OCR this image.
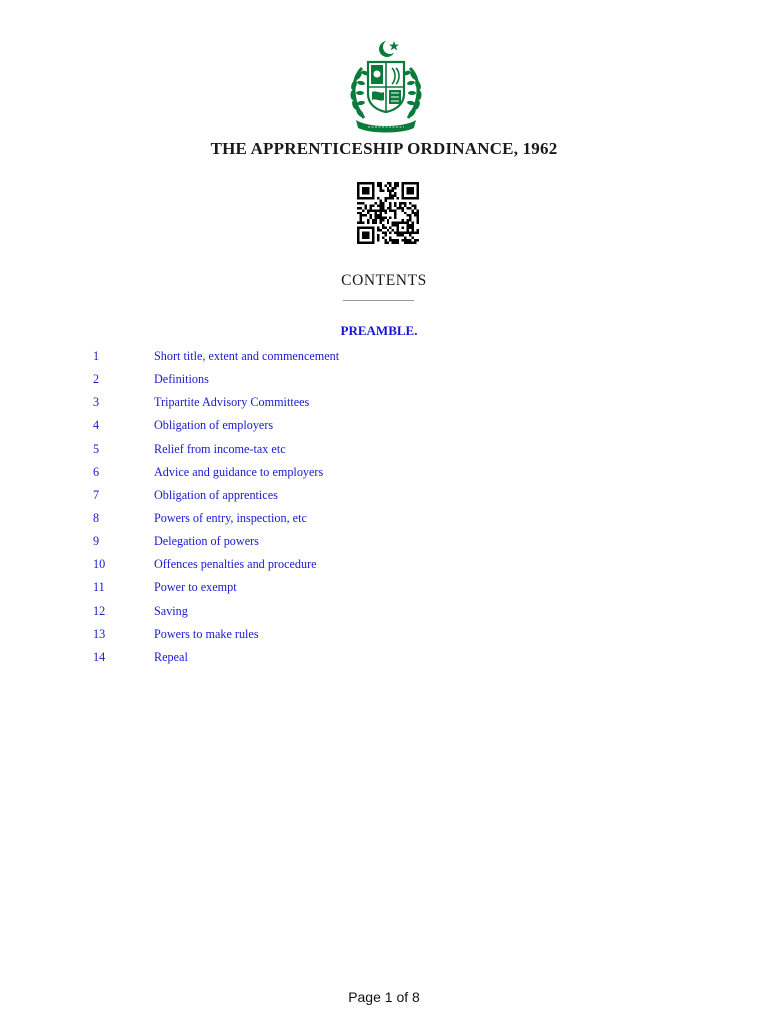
THE APPRENTICESHIP ORDINANCE, 1962
CONTENTS
PREAMBLE.
1	Short title, extent and commencement
2	Definitions
3	Tripartite Advisory Committees
4	Obligation of employers
5	Relief from income-tax etc
6	Advice and guidance to employers
7	Obligation of apprentices
8	Powers of entry, inspection, etc
9	Delegation of powers
10	Offences penalties and procedure
11	Power to exempt
12	Saving
13	Powers to make rules
14	Repeal
Page 1 of 8
